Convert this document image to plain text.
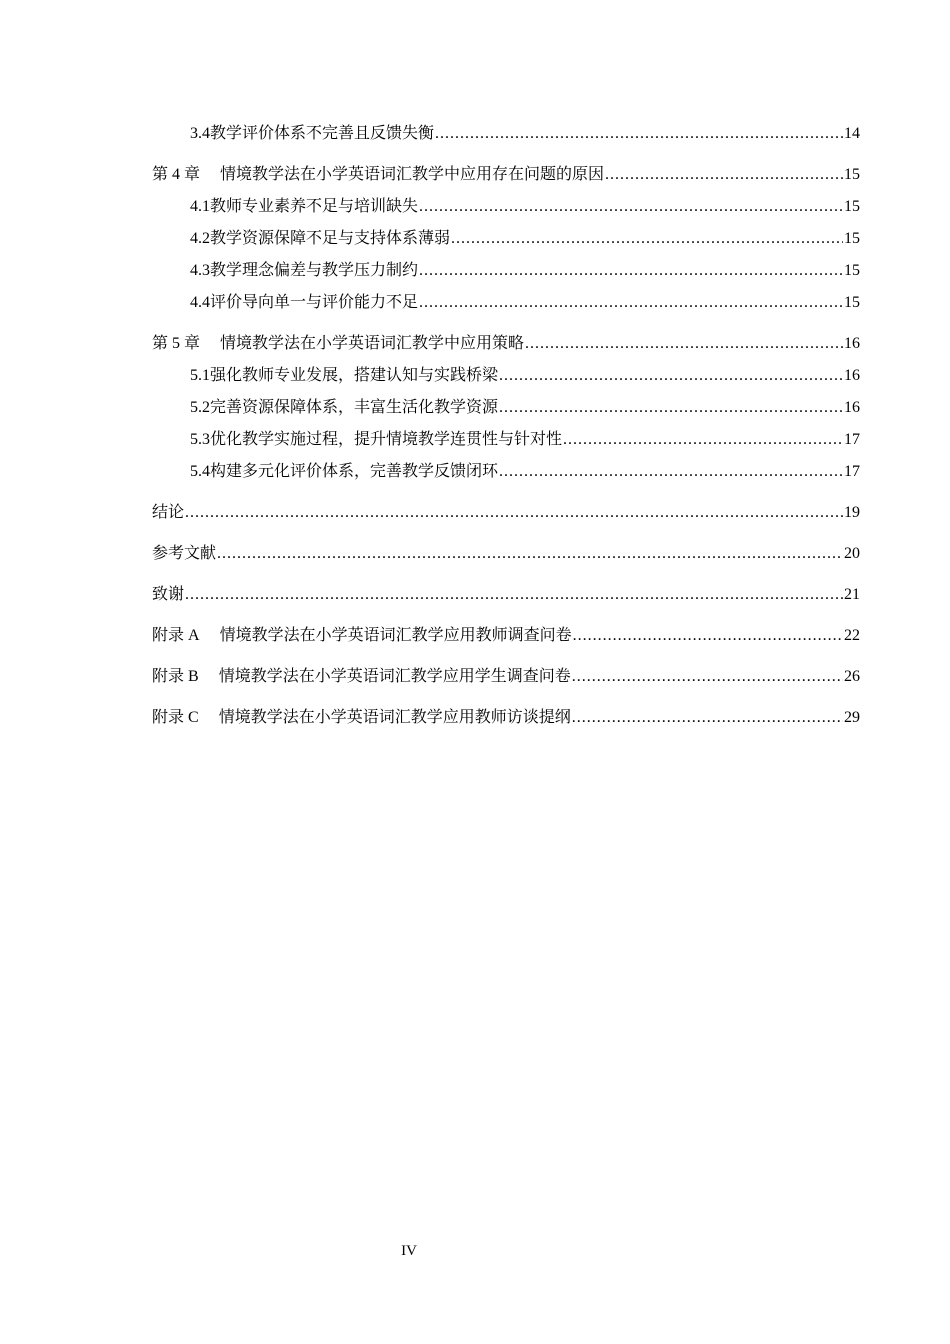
3.4 教学评价体系不完善且反馈失衡 .....	14
第 4 章 情境教学法在小学英语词汇教学中应用存在问题的原因 .....	15
4.1 教师专业素养不足与培训缺失 .....	15
4.2 教学资源保障不足与支持体系薄弱 .....	15
4.3 教学理念偏差与教学压力制约 .....	15
4.4 评价导向单一与评价能力不足 .....	15
第 5 章 情境教学法在小学英语词汇教学中应用策略 .....	16
5.1 强化教师专业发展，搭建认知与实践桥梁 .....	16
5.2 完善资源保障体系，丰富生活化教学资源 .....	16
5.3 优化教学实施过程，提升情境教学连贯性与针对性 .....	17
5.4 构建多元化评价体系，完善教学反馈闭环 .....	17
结论 .....	19
参考文献 .....	20
致谢 .....	21
附录 A 情境教学法在小学英语词汇教学应用教师调查问卷 .....	22
附录 B 情境教学法在小学英语词汇教学应用学生调查问卷 .....	26
附录 C 情境教学法在小学英语词汇教学应用教师访谈提纲 .....	29
IV
